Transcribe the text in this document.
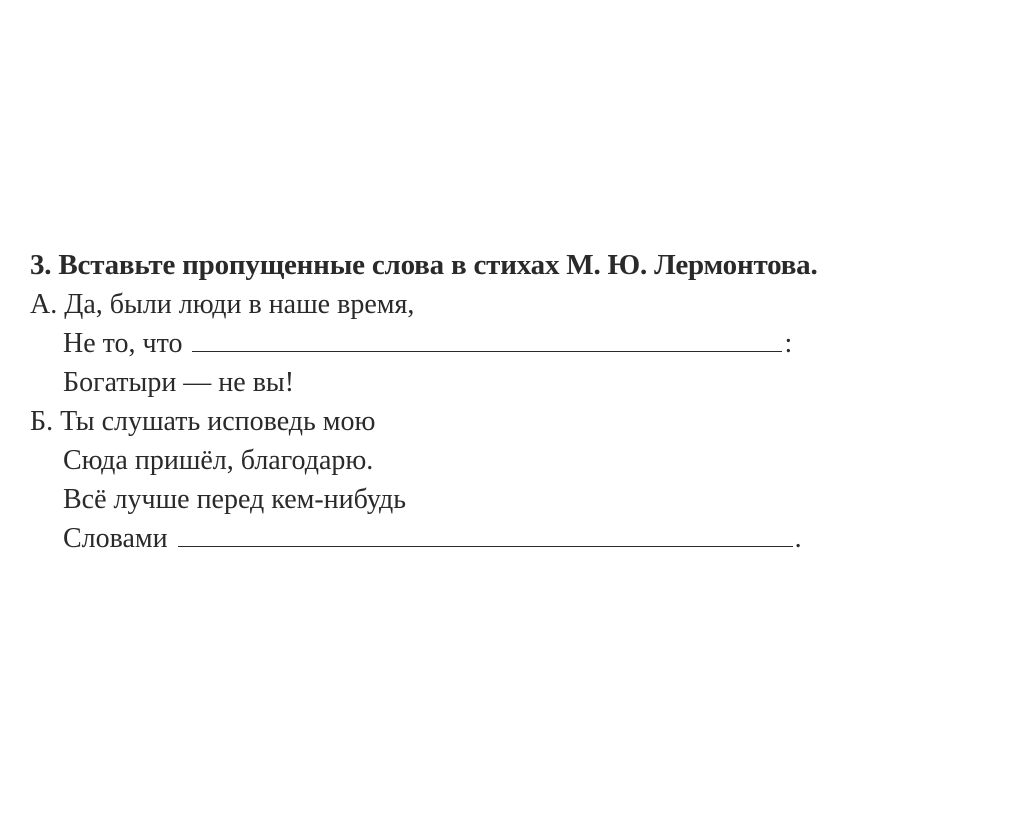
3. Вставьте пропущенные слова в стихах М. Ю. Лермонтова.
А. Да, были люди в наше время,
Не то, что	:
Богатыри — не вы!
Б. Ты слушать исповедь мою
Сюда пришёл, благодарю.
Всё лучше перед кем-нибудь
Словами	.
